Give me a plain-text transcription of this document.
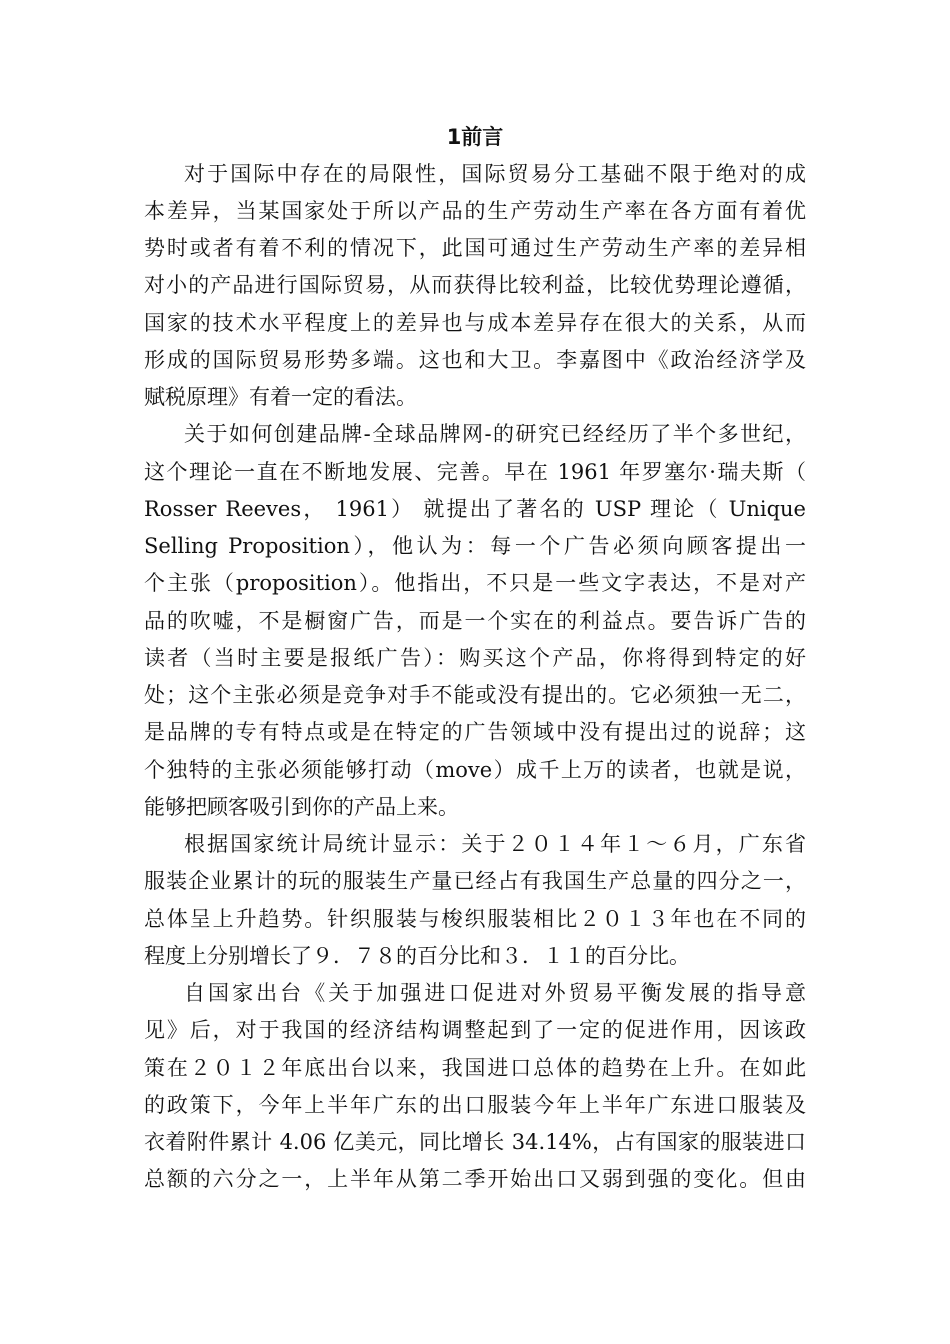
1前言
对于国际中存在的局限性，国际贸易分工基础不限于绝对的成
本差异，当某国家处于所以产品的生产劳动生产率在各方面有着优
势时或者有着不利的情况下，此国可通过生产劳动生产率的差异相
对小的产品进行国际贸易，从而获得比较利益，比较优势理论遵循，
国家的技术水平程度上的差异也与成本差异存在很大的关系，从而
形成的国际贸易形势多端。这也和大卫。李嘉图中《政治经济学及
赋税原理》有着一定的看法。
关于如何创建品牌-全球品牌网-的研究已经经历了半个多世纪，
这个理论一直在不断地发展、完善。早在 1961 年罗塞尔·瑞夫斯（
Rosser Reeves， 1961） 就提出了著名的 USP 理论（ Unique
Selling Proposition），他认为：每一个广告必须向顾客提出一
个主张（proposition）。他指出，不只是一些文字表达，不是对产
品的吹嘘，不是橱窗广告，而是一个实在的利益点。要告诉广告的
读者（当时主要是报纸广告）：购买这个产品，你将得到特定的好
处；这个主张必须是竞争对手不能或没有提出的。它必须独一无二，
是品牌的专有特点或是在特定的广告领域中没有提出过的说辞；这
个独特的主张必须能够打动（move）成千上万的读者，也就是说，
能够把顾客吸引到你的产品上来。
根据国家统计局统计显示：关于２０１４年１～６月，广东省
服装企业累计的玩的服装生产量已经占有我国生产总量的四分之一，
总体呈上升趋势。针织服装与梭织服装相比２０１３年也在不同的
程度上分别增长了９．７８的百分比和３．１１的百分比。
自国家出台《关于加强进口促进对外贸易平衡发展的指导意
见》后，对于我国的经济结构调整起到了一定的促进作用，因该政
策在２０１２年底出台以来，我国进口总体的趋势在上升。在如此
的政策下，今年上半年广东的出口服装今年上半年广东进口服装及
衣着附件累计 4.06 亿美元，同比增长 34.14%，占有国家的服装进口
总额的六分之一，上半年从第二季开始出口又弱到强的变化。但由
